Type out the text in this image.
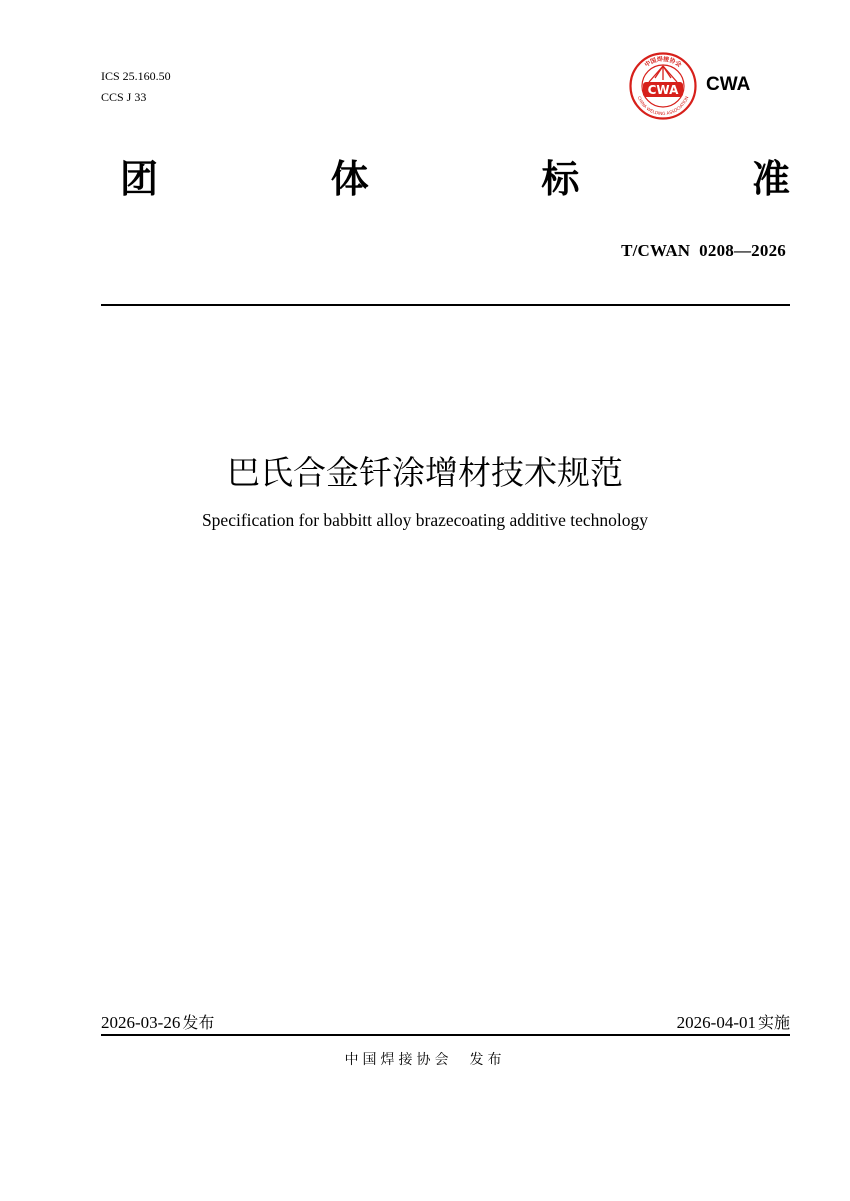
ICS 25.160.50
CCS J 33
中国焊接协会
CHINA WELDING ASSOCIATION
CWA CWA
团	体	标	准
T/CWAN  0208—2026
巴氏合金钎涂增材技术规范
Specification for babbitt alloy brazecoating additive technology
2026-03-26 发布	2026-04-01 实施
中国焊接协会  发布
